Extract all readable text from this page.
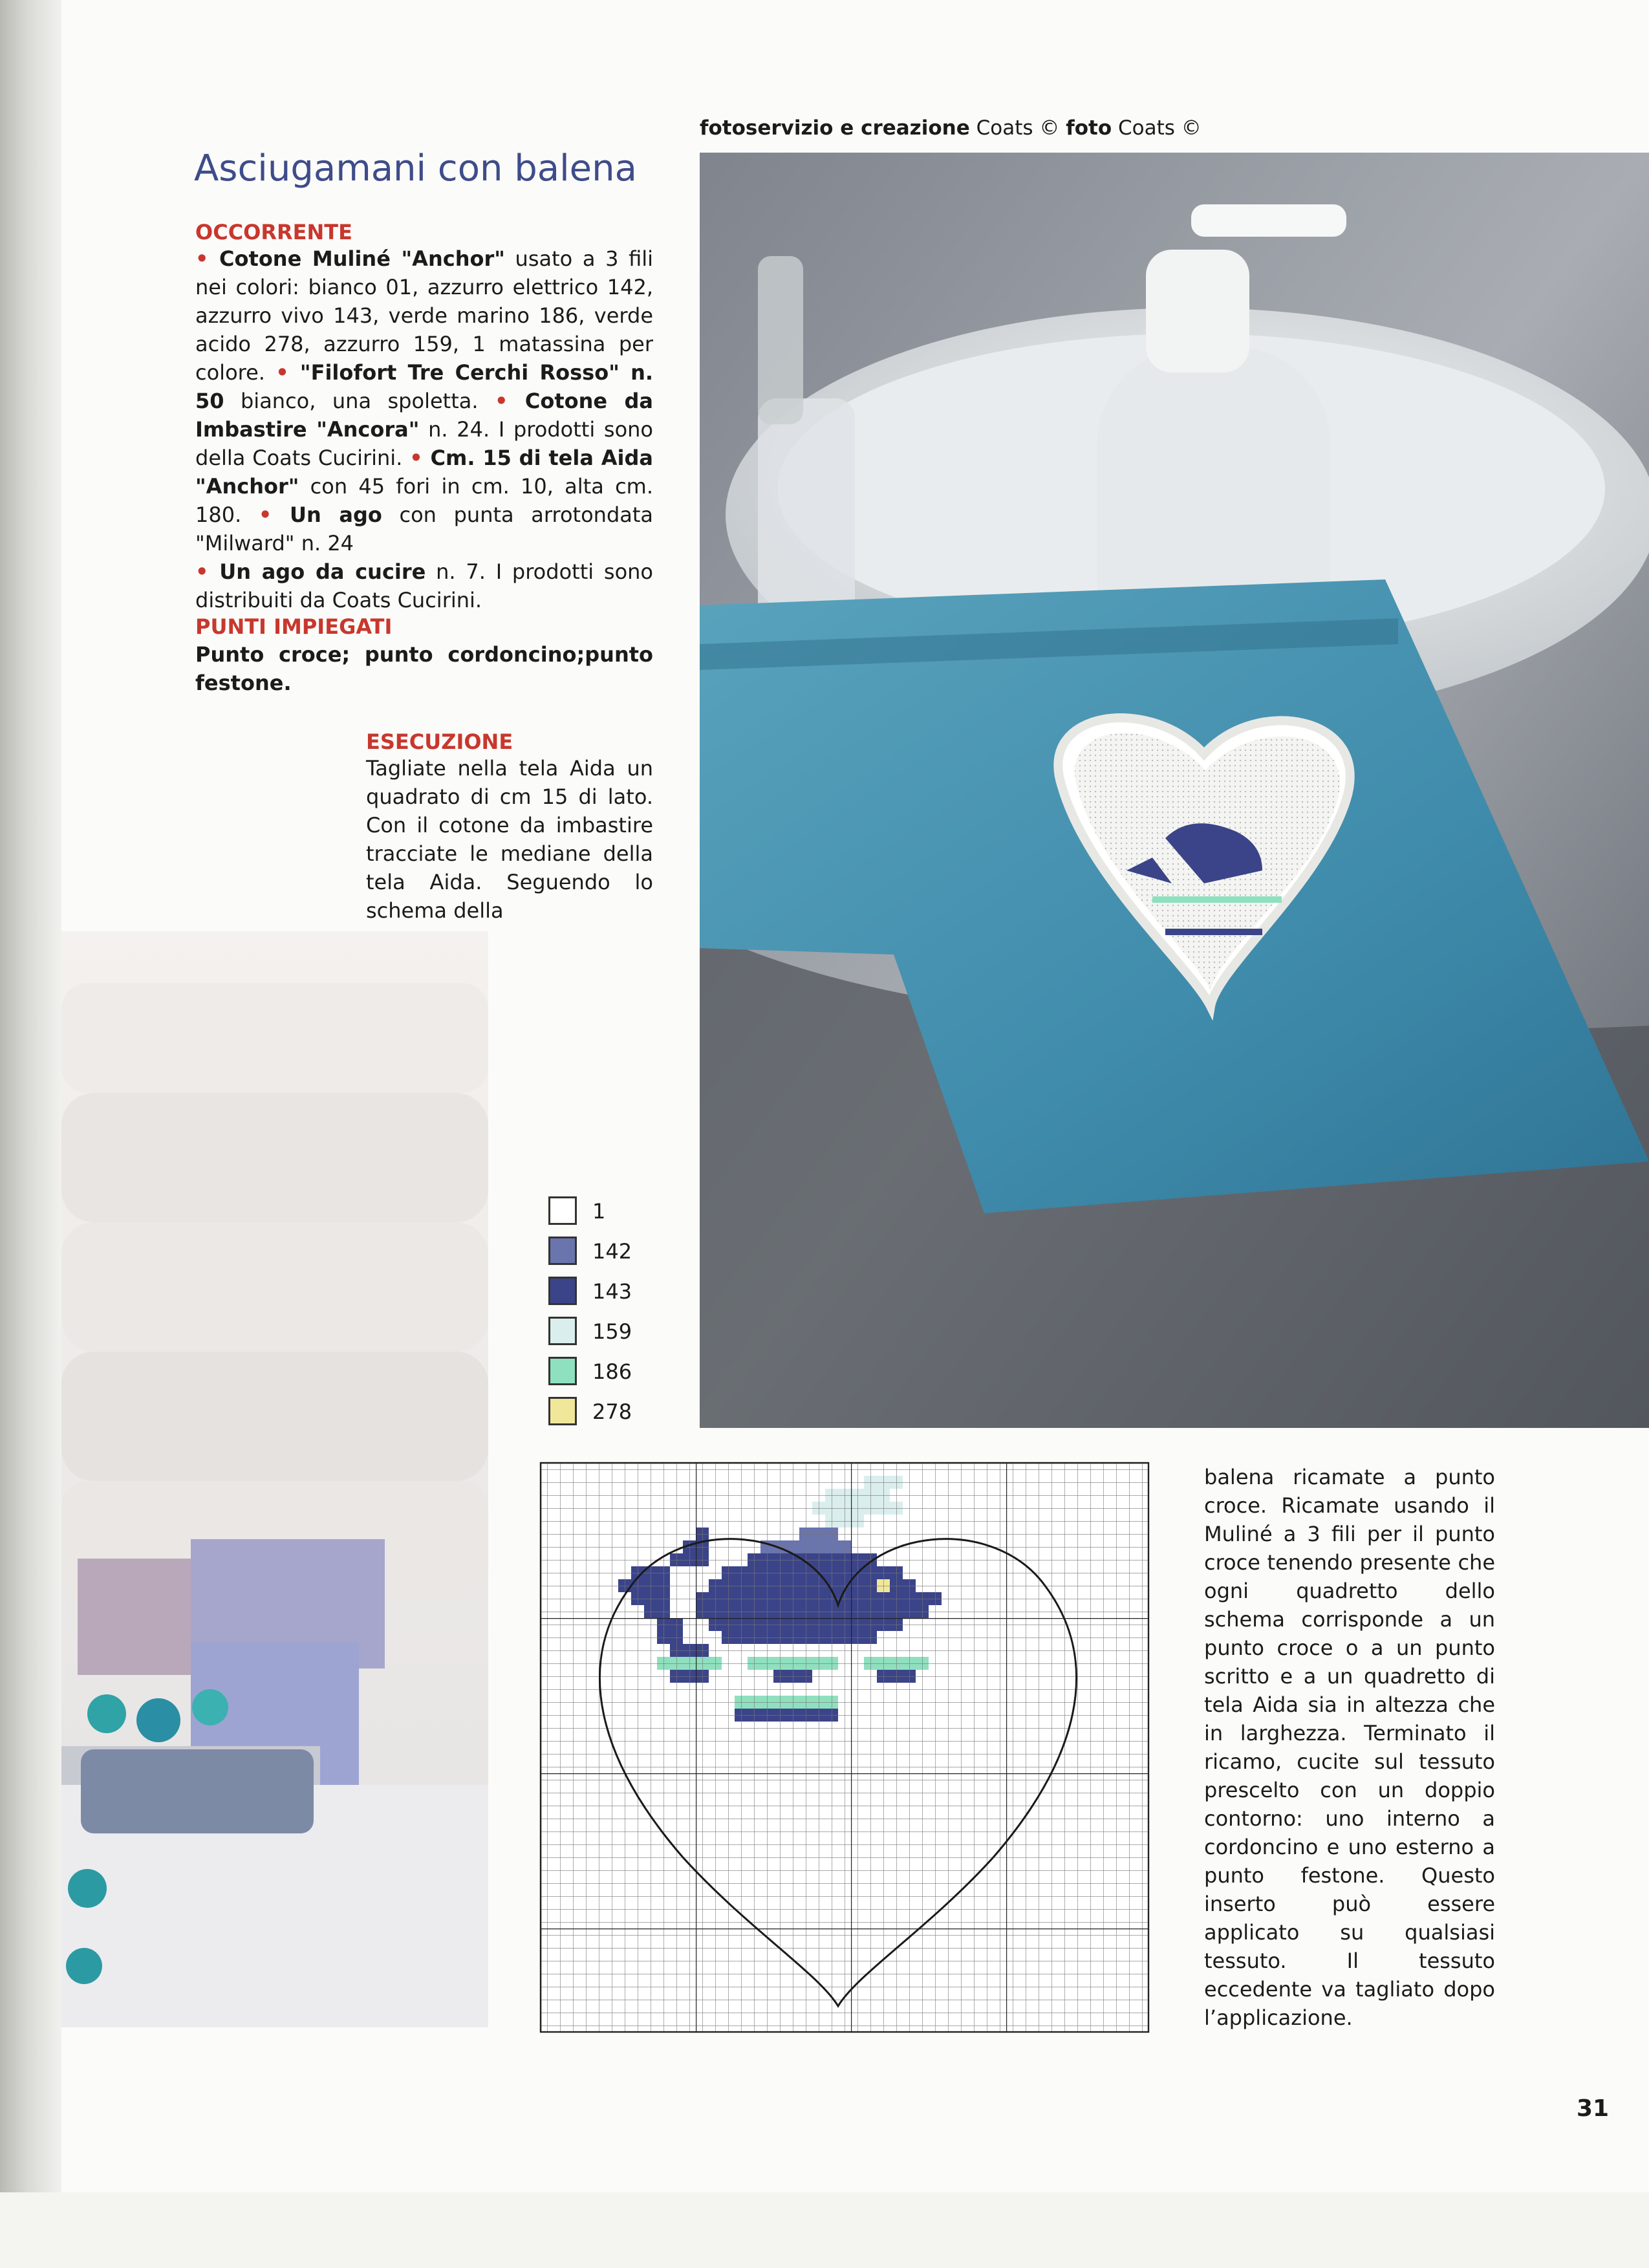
fotoservizio e creazione Coats © foto Coats ©
Asciugamani con balena
OCCORRENTE
• Cotone Muliné "Anchor" usato a 3 fili nei colori: bianco 01, azzurro elettrico 142, azzurro vivo 143, verde marino 186, verde acido 278, azzurro 159, 1 matassina per colore. • "Filofort Tre Cerchi Rosso" n. 50 bianco, una spoletta. • Cotone da Imbastire "Ancora" n. 24. I prodotti sono della Coats Cucirini. • Cm. 15 di tela Aida "Anchor" con 45 fori in cm. 10, alta cm. 180. • Un ago con punta arrotondata "Milward" n. 24
• Un ago da cucire n. 7. I prodotti sono distribuiti da Coats Cucirini.
PUNTI IMPIEGATI
Punto croce; punto cordoncino;punto festone.
ESECUZIONE
Tagliate nella tela Aida un quadrato di cm 15 di lato. Con il cotone da imbastire tracciate le mediane della tela Aida. Seguendo lo schema della
balena ricamate a punto croce. Ricamate usando il Muliné a 3 fili per il punto croce tenendo presente che ogni quadretto dello schema corrisponde a un punto croce o a un punto scritto e a un quadretto di tela Aida sia in altezza che in larghezza. Terminato il ricamo, cucite sul tessuto prescelto con un doppio contorno: uno interno a cordoncino e uno esterno a punto festone. Questo inserto può essere applicato su qualsiasi tessuto. Il tessuto eccedente va tagliato dopo l’applicazione.
1
142
143
159
186
278
31
